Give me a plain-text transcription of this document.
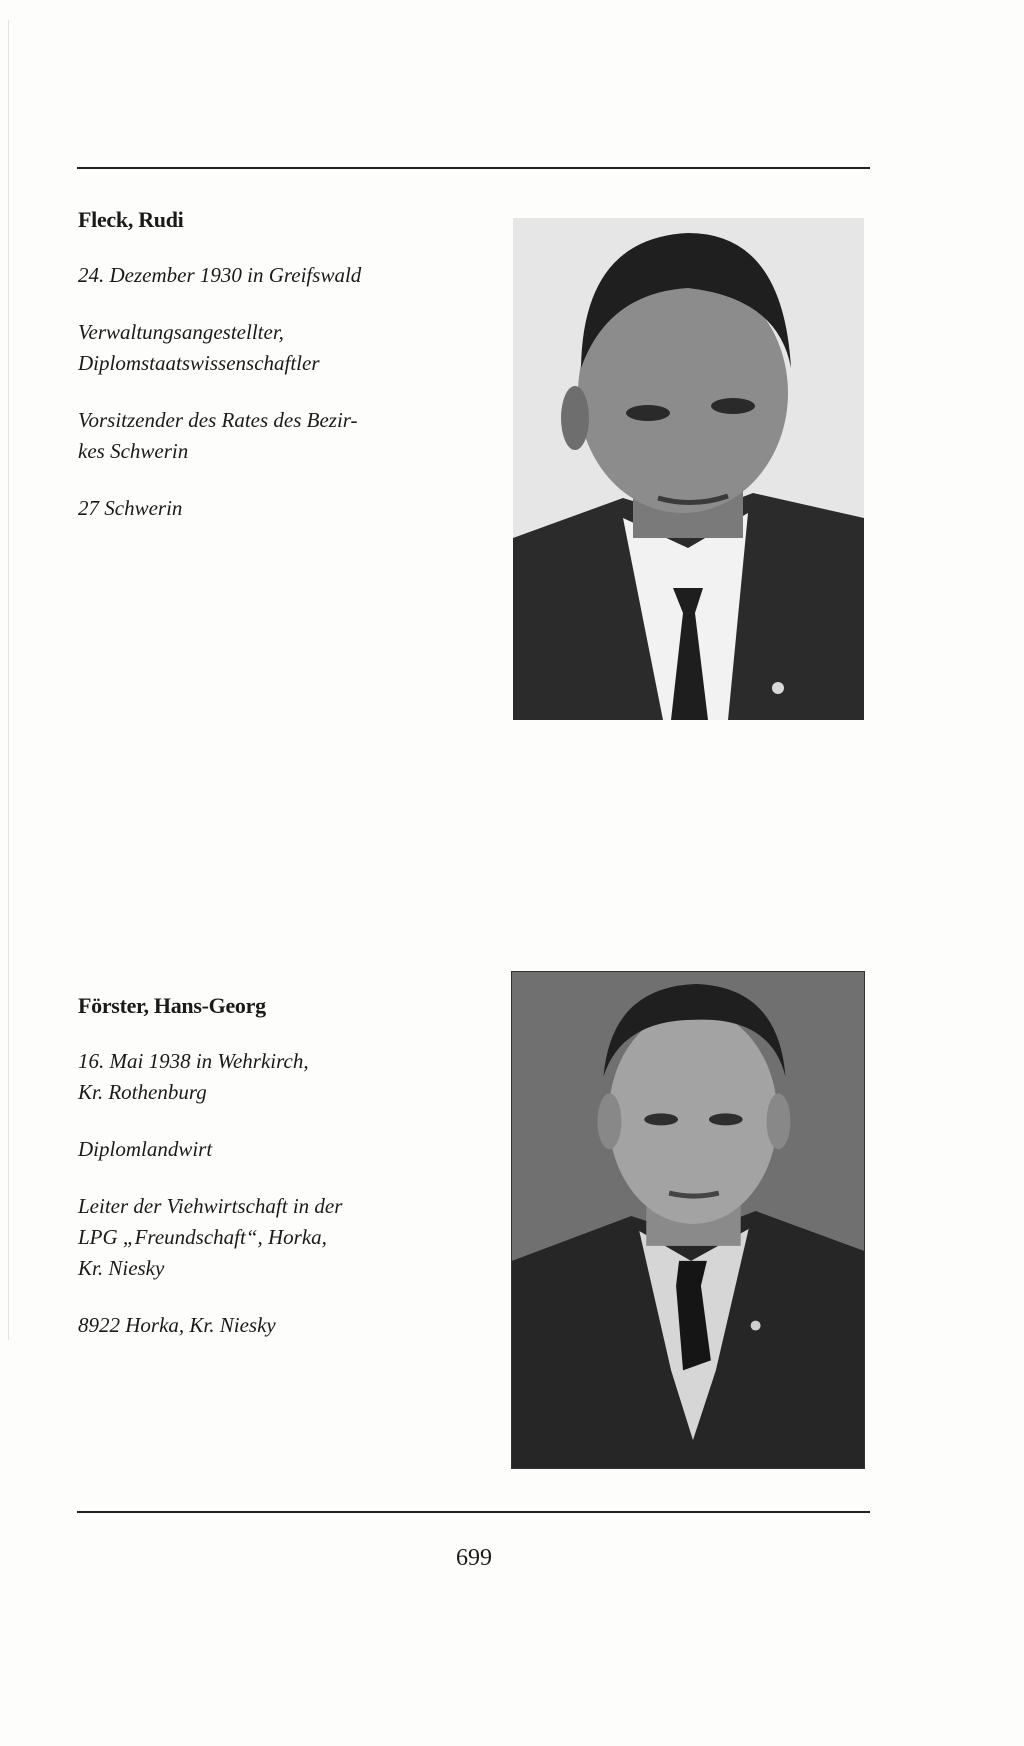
Fleck, Rudi
24. Dezember 1930 in Greifswald
Verwaltungsangestellter,
Diplomstaatswissenschaftler
Vorsitzender des Rates des Bezir-
kes Schwerin
27 Schwerin
Förster, Hans-Georg
16. Mai 1938 in Wehrkirch,
Kr. Rothenburg
Diplomlandwirt
Leiter der Viehwirtschaft in der
LPG „Freundschaft“, Horka,
Kr. Niesky
8922 Horka, Kr. Niesky
699
